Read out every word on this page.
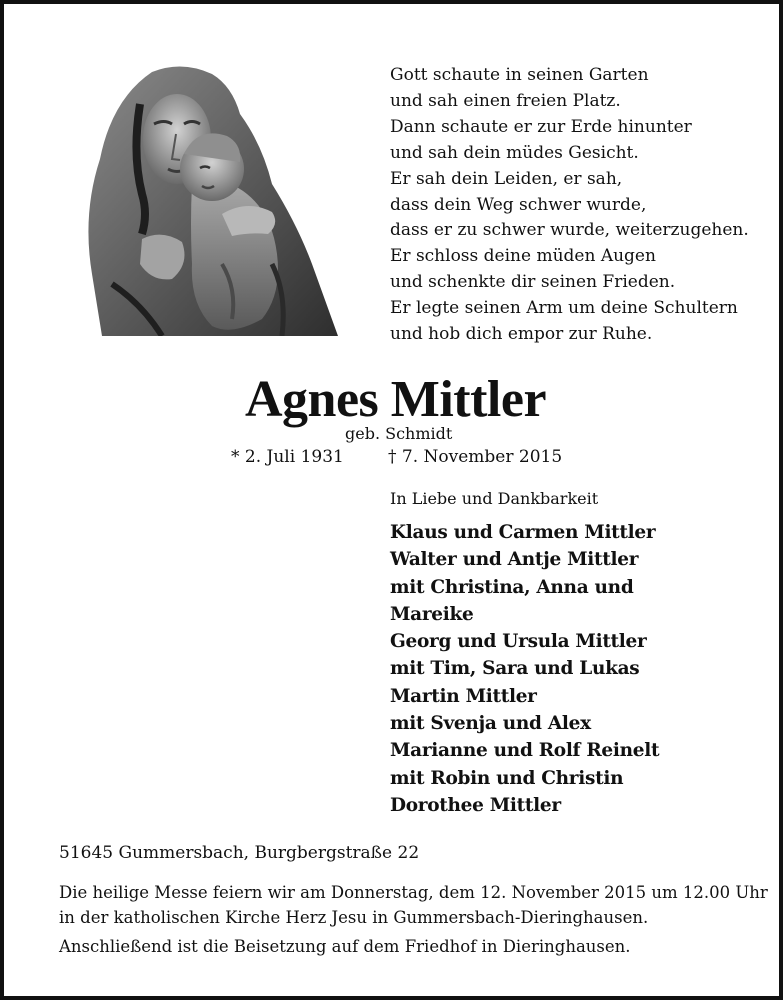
Gott schaute in seinen Garten
und sah einen freien Platz.
Dann schaute er zur Erde hinunter
und sah dein müdes Gesicht.
Er sah dein Leiden, er sah,
dass dein Weg schwer wurde,
dass er zu schwer wurde, weiterzugehen.
Er schloss deine müden Augen
und schenkte dir seinen Frieden.
Er legte seinen Arm um deine Schultern
und hob dich empor zur Ruhe.
Agnes Mittler
geb. Schmidt
* 2. Juli 1931	† 7. November 2015
In Liebe und Dankbarkeit
Klaus und Carmen Mittler
Walter und Antje Mittler
mit Christina, Anna und
Mareike
Georg und Ursula Mittler
mit Tim, Sara und Lukas
Martin Mittler
mit Svenja und Alex
Marianne und Rolf Reinelt
mit Robin und Christin
Dorothee Mittler
51645 Gummersbach, Burgbergstraße 22
Die heilige Messe feiern wir am Donnerstag, dem 12. November 2015 um 12.00 Uhr
in der katholischen Kirche Herz Jesu in Gummersbach-Dieringhausen.
Anschließend ist die Beisetzung auf dem Friedhof in Dieringhausen.
